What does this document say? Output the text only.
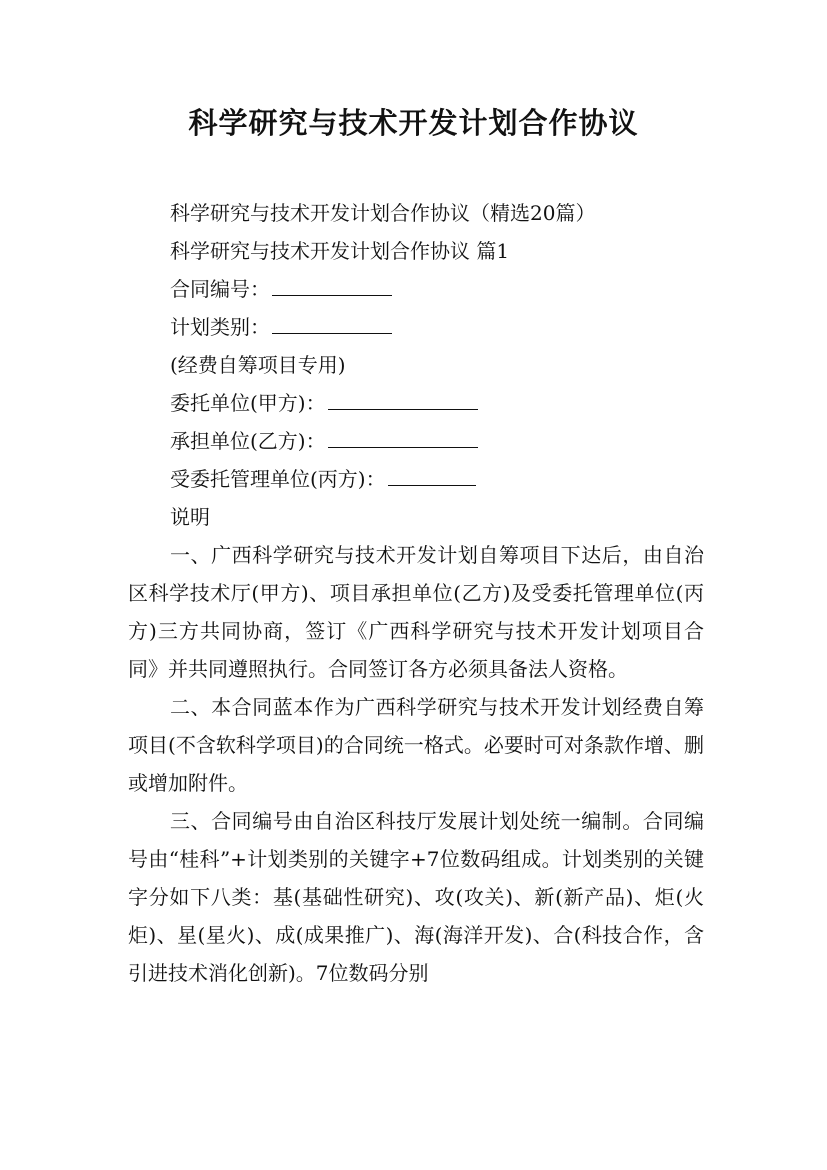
科学研究与技术开发计划合作协议

科学研究与技术开发计划合作协议（精选20篇）

科学研究与技术开发计划合作协议 篇1

合同编号：

计划类别：

(经费自筹项目专用)

委托单位(甲方)：

承担单位(乙方)：

受委托管理单位(丙方)：

说明

一、广西科学研究与技术开发计划自筹项目下达后，由自治区科学技术厅(甲方)、项目承担单位(乙方)及受委托管理单位(丙方)三方共同协商，签订《广西科学研究与技术开发计划项目合同》并共同遵照执行。合同签订各方必须具备法人资格。

二、本合同蓝本作为广西科学研究与技术开发计划经费自筹项目(不含软科学项目)的合同统一格式。必要时可对条款作增、删或增加附件。

三、合同编号由自治区科技厅发展计划处统一编制。合同编号由“桂科”+计划类别的关键字+7位数码组成。计划类别的关键字分如下八类：基(基础性研究)、攻(攻关)、新(新产品)、炬(火炬)、星(星火)、成(成果推广)、海(海洋开发)、合(科技合作，含引进技术消化创新)。7位数码分别
